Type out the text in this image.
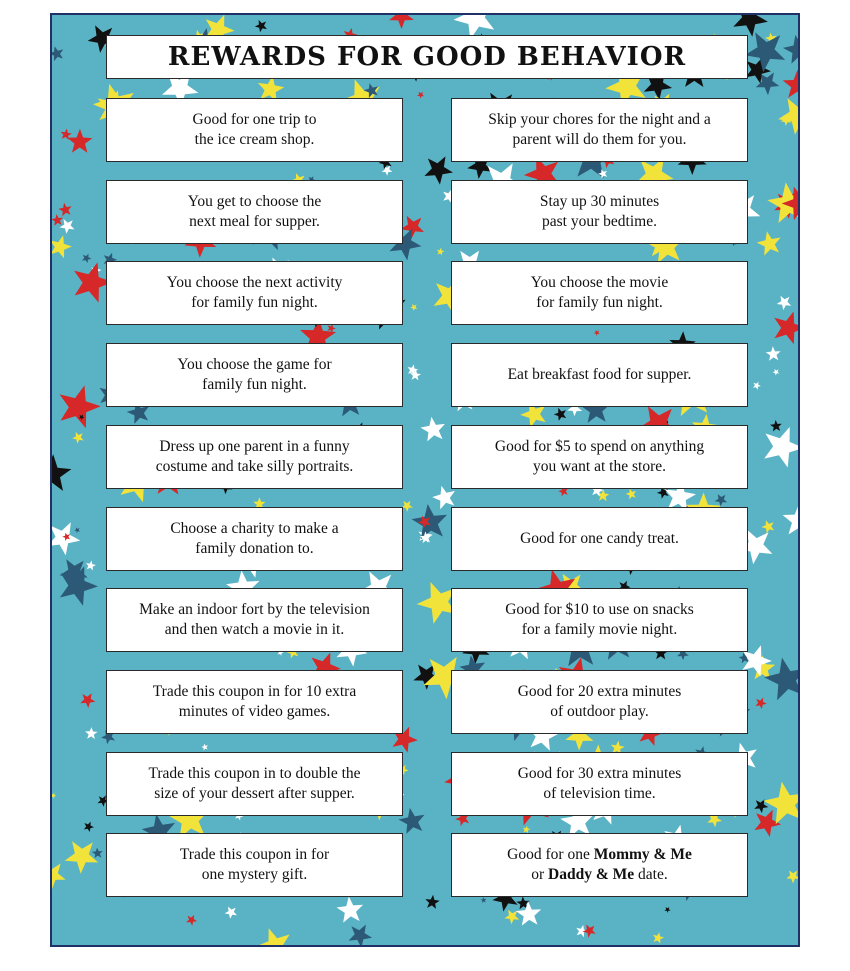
REWARDS FOR GOOD BEHAVIOR
Good for one trip to
the ice cream shop.
You get to choose the
next meal for supper.
You choose the next activity
for family fun night.
You choose the game for
family fun night.
Dress up one parent in a funny
costume and take silly portraits.
Choose a charity to make a
family donation to.
Make an indoor fort by the television
and then watch a movie in it.
Trade this coupon in for 10 extra
minutes of video games.
Trade this coupon in to double the
size of your dessert after supper.
Trade this coupon in for
one mystery gift.
Skip your chores for the night and a
parent will do them for you.
Stay up 30 minutes
past your bedtime.
You choose the movie
for family fun night.
Eat breakfast food for supper.
Good for $5 to spend on anything
you want at the store.
Good for one candy treat.
Good for $10 to use on snacks
for a family movie night.
Good for 20 extra minutes
of outdoor play.
Good for 30 extra minutes
of television time.
Good for one Mommy & Me
or Daddy & Me date.
